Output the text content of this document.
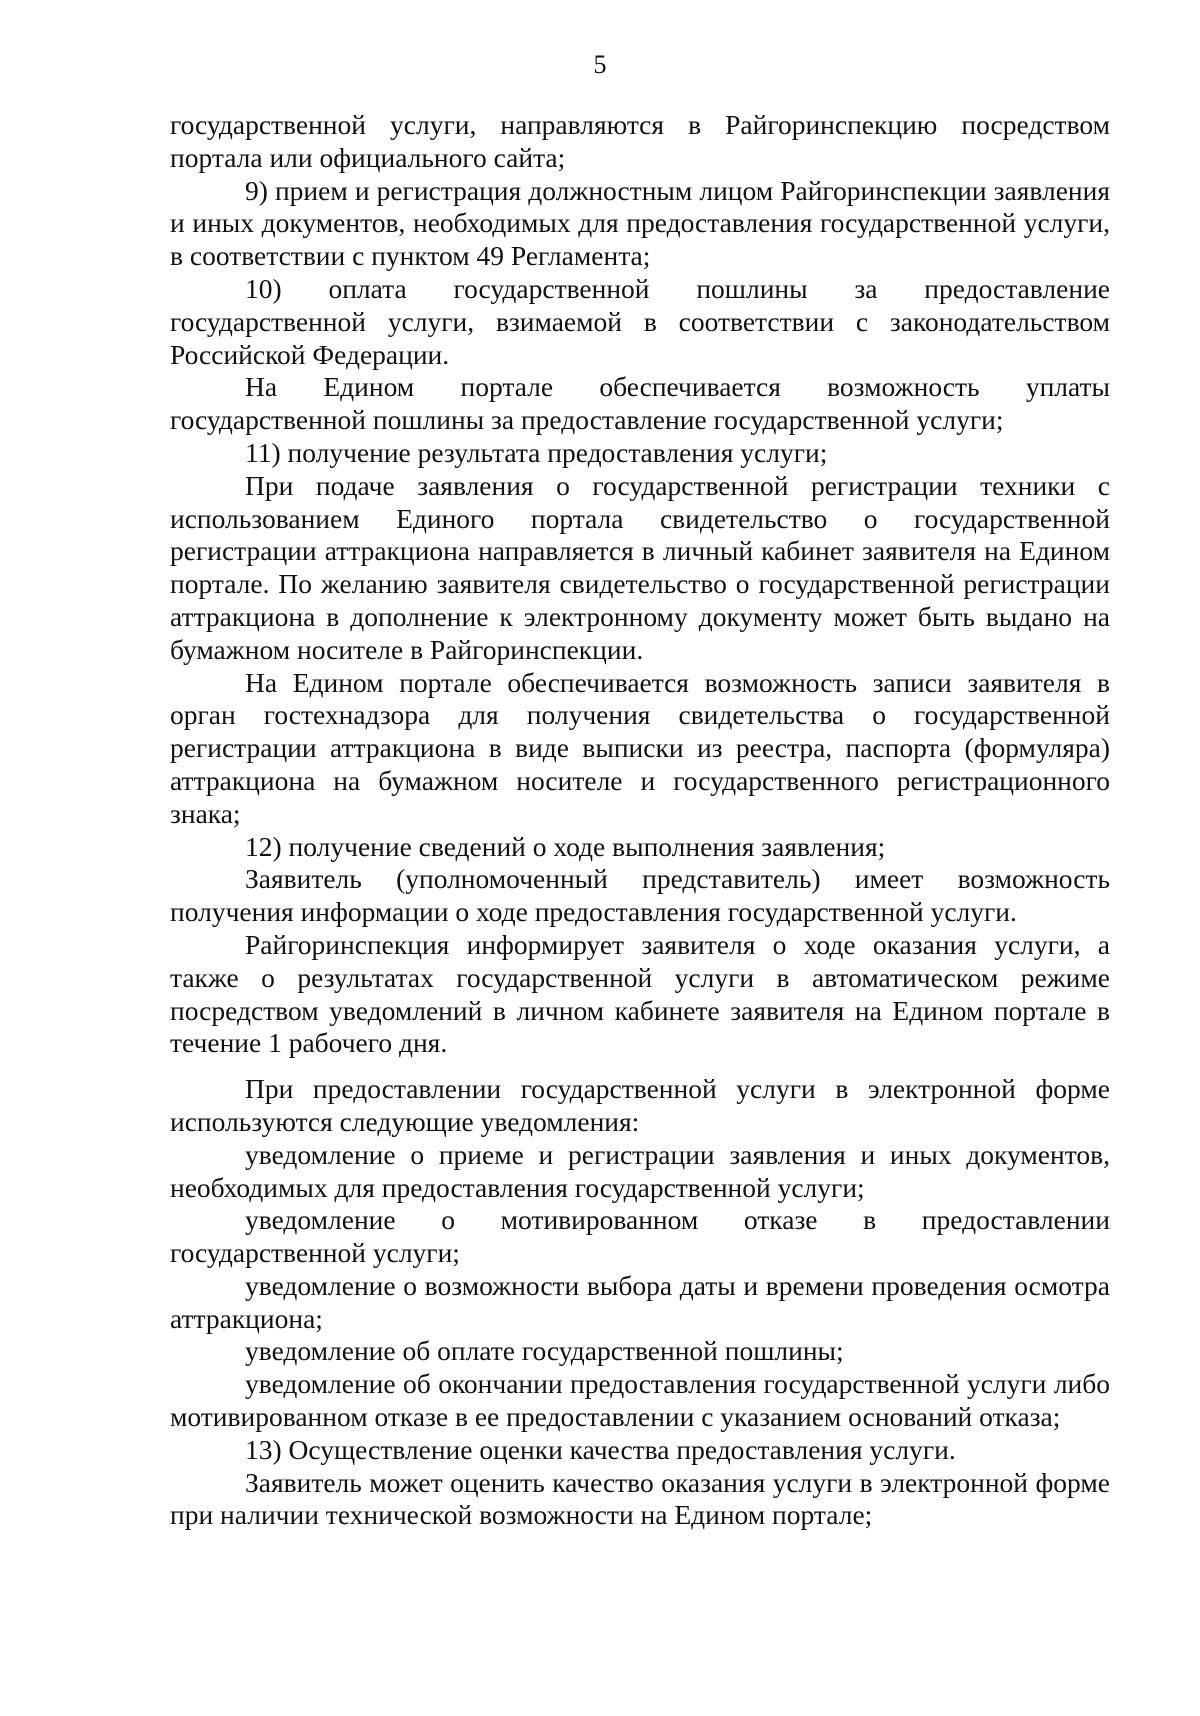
5

государственной услуги, направляются в Райгоринспекцию посредством портала или официального сайта;

9) прием и регистрация должностным лицом Райгоринспекции заявления и иных документов, необходимых для предоставления государственной услуги, в соответствии с пунктом 49 Регламента;

10) оплата государственной пошлины за предоставление государственной услуги, взимаемой в соответствии с законодательством Российской Федерации.

На Едином портале обеспечивается возможность уплаты государственной пошлины за предоставление государственной услуги;

11) получение результата предоставления услуги;

При подаче заявления о государственной регистрации техники с использованием Единого портала свидетельство о государственной регистрации аттракциона направляется в личный кабинет заявителя на Едином портале. По желанию заявителя свидетельство о государственной регистрации аттракциона в дополнение к электронному документу может быть выдано на бумажном носителе в Райгоринспекции.

На Едином портале обеспечивается возможность записи заявителя в орган гостехнадзора для получения свидетельства о государственной регистрации аттракциона в виде выписки из реестра, паспорта (формуляра) аттракциона на бумажном носителе и государственного регистрационного знака;

12) получение сведений о ходе выполнения заявления;

Заявитель (уполномоченный представитель) имеет возможность получения информации о ходе предоставления государственной услуги.

Райгоринспекция информирует заявителя о ходе оказания услуги, а также о результатах государственной услуги в автоматическом режиме посредством уведомлений в личном кабинете заявителя на Едином портале в течение 1 рабочего дня.

При предоставлении государственной услуги в электронной форме используются следующие уведомления:

уведомление о приеме и регистрации заявления и иных документов, необходимых для предоставления государственной услуги;

уведомление о мотивированном отказе в предоставлении государственной услуги;

уведомление о возможности выбора даты и времени проведения осмотра аттракциона;

уведомление об оплате государственной пошлины;

уведомление об окончании предоставления государственной услуги либо мотивированном отказе в ее предоставлении с указанием оснований отказа;

13) Осуществление оценки качества предоставления услуги.

Заявитель может оценить качество оказания услуги в электронной форме при наличии технической возможности на Едином портале;
